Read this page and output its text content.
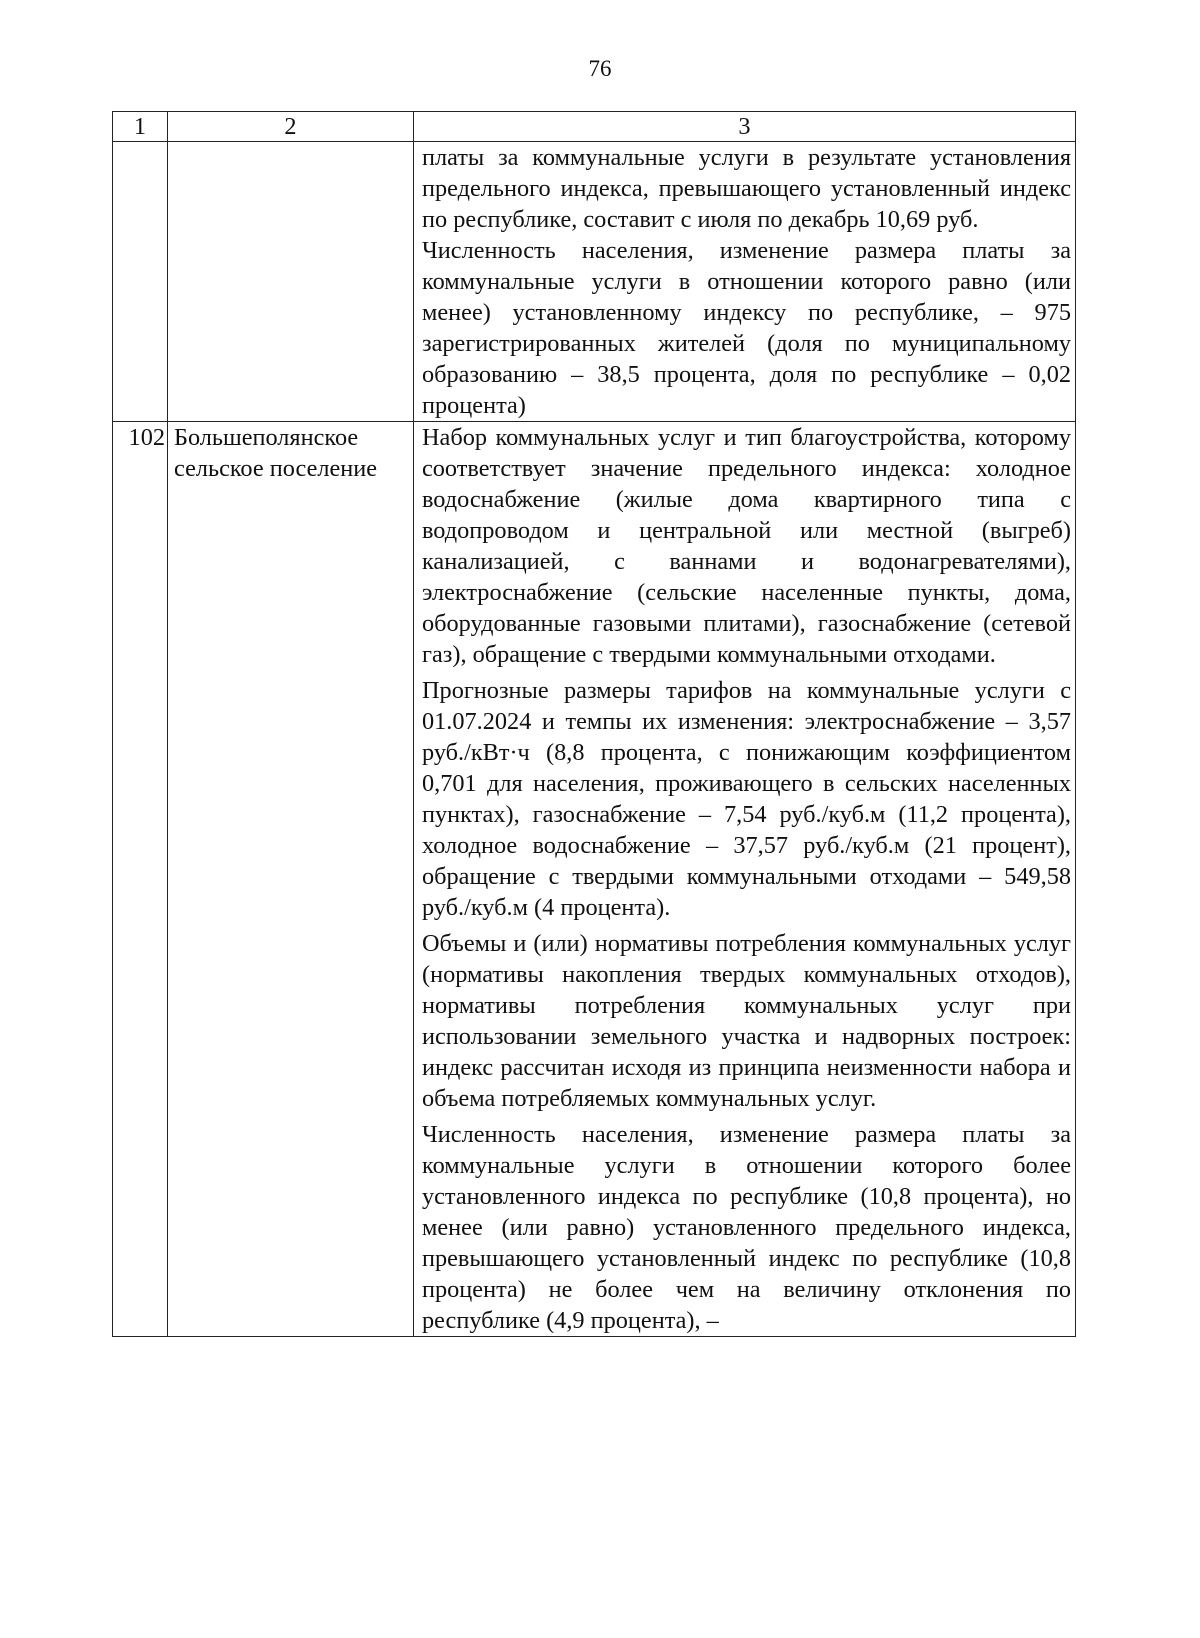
76
1	2	3

		платы за коммунальные услуги в результате установления предельного индекса, превышающего установленный индекс по республике, составит с июля по декабрь 10,69 руб.

Численность населения, изменение размера платы за коммунальные услуги в отношении которого равно (или менее) установленному индексу по республике, – 975 зарегистрированных жителей (доля по муниципальному образованию – 38,5 процента, доля по республике – 0,02 процента)

102	Большеполянское сельское поселение	Набор коммунальных услуг и тип благоустройства, которому соответствует значение предельного индекса: холодное водоснабжение (жилые дома квартирного типа с водопроводом и центральной или местной (выгреб) канализацией, с ваннами и водонагревателями), электроснабжение (сельские населенные пункты, дома, оборудованные газовыми плитами), газоснабжение (сетевой газ), обращение с твердыми коммунальными отходами.

Прогнозные размеры тарифов на коммунальные услуги с 01.07.2024 и темпы их изменения: электроснабжение – 3,57 руб./кВт·ч (8,8 процента, с понижающим коэффициентом 0,701 для населения, проживающего в сельских населенных пунктах), газоснабжение – 7,54 руб./куб.м (11,2 процента), холодное водоснабжение – 37,57 руб./куб.м (21 процент), обращение с твердыми коммунальными отходами – 549,58 руб./куб.м (4 процента).

Объемы и (или) нормативы потребления коммунальных услуг (нормативы накопления твердых коммунальных отходов), нормативы потребления коммунальных услуг при использовании земельного участка и надворных построек: индекс рассчитан исходя из принципа неизменности набора и объема потребляемых коммунальных услуг.

Численность населения, изменение размера платы за коммунальные услуги в отношении которого более установленного индекса по республике (10,8 процента), но менее (или равно) установленного предельного индекса, превышающего установленный индекс по республике (10,8 процента) не более чем на величину отклонения по республике (4,9 процента), –
